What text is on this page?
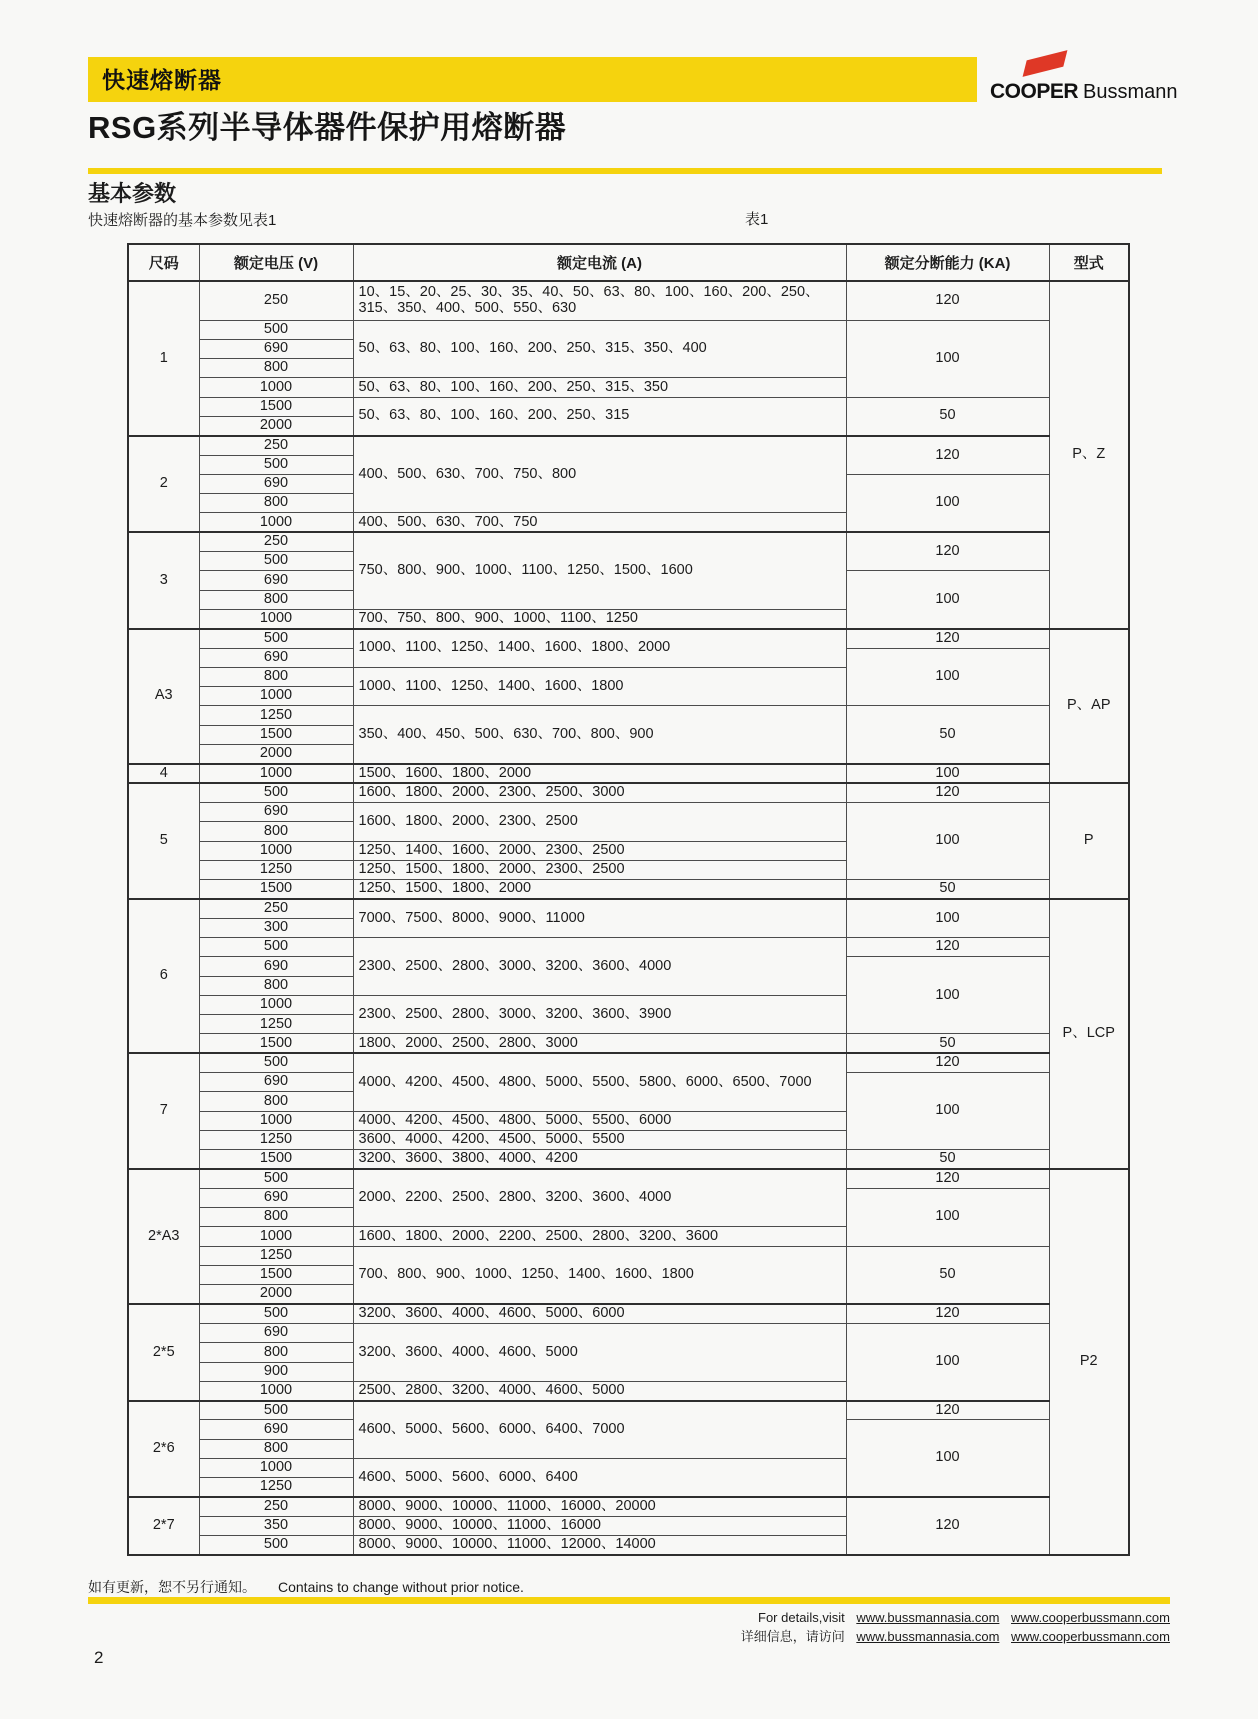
快速熔断器	COOPER Bussmann
RSG系列半导体器件保护用熔断器
基本参数
快速熔断器的基本参数见表1	表1
尺码	额定电压 (V)	额定电流 (A)	额定分断能力 (KA)	型式
1	250	10、15、20、25、30、35、40、50、63、80、100、160、200、250、315、350、400、500、550、630	120	P、Z
	500	50、63、80、100、160、200、250、315、350、400	100	
	690			
	800			
	1000	50、63、80、100、160、200、250、315、350		
	1500	50、63、80、100、160、200、250、315	50	
	2000			
2	250	400、500、630、700、750、800	120	
	500			
	690		100	
	800			
	1000	400、500、630、700、750		
3	250	750、800、900、1000、1100、1250、1500、1600	120	
	500			
	690		100	
	800			
	1000	700、750、800、900、1000、1100、1250		
A3	500	1000、1100、1250、1400、1600、1800、2000	120	P、AP
	690		100	
	800	1000、1100、1250、1400、1600、1800		
	1000			
	1250	350、400、450、500、630、700、800、900	50	
	1500			
	2000			
4	1000	1500、1600、1800、2000	100	
5	500	1600、1800、2000、2300、2500、3000	120	P
	690	1600、1800、2000、2300、2500	100	
	800			
	1000	1250、1400、1600、2000、2300、2500		
	1250	1250、1500、1800、2000、2300、2500		
	1500	1250、1500、1800、2000	50	
6	250	7000、7500、8000、9000、11000	100	P、LCP
	300			
	500	2300、2500、2800、3000、3200、3600、4000	120	
	690		100	
	800			
	1000	2300、2500、2800、3000、3200、3600、3900		
	1250			
	1500	1800、2000、2500、2800、3000	50	
7	500	4000、4200、4500、4800、5000、5500、5800、6000、6500、7000	120	
	690		100	
	800			
	1000	4000、4200、4500、4800、5000、5500、6000		
	1250	3600、4000、4200、4500、5000、5500		
	1500	3200、3600、3800、4000、4200	50	
2*A3	500	2000、2200、2500、2800、3200、3600、4000	120	P2
	690		100	
	800			
	1000	1600、1800、2000、2200、2500、2800、3200、3600		
	1250	700、800、900、1000、1250、1400、1600、1800	50	
	1500			
	2000			
2*5	500	3200、3600、4000、4600、5000、6000	120	
	690	3200、3600、4000、4600、5000	100	
	800			
	900			
	1000	2500、2800、3200、4000、4600、5000		
2*6	500	4600、5000、5600、6000、6400、7000	120	
	690		100	
	800			
	1000	4600、5000、5600、6000、6400		
	1250			
2*7	250	8000、9000、10000、11000、16000、20000	120	
	350	8000、9000、10000、11000、16000		
	500	8000、9000、10000、11000、12000、14000		
如有更新，恕不另行通知。 Contains to change without prior notice.
For details,visit www.bussmannasia.com www.cooperbussmann.com
详细信息，请访问 www.bussmannasia.com www.cooperbussmann.com
2
